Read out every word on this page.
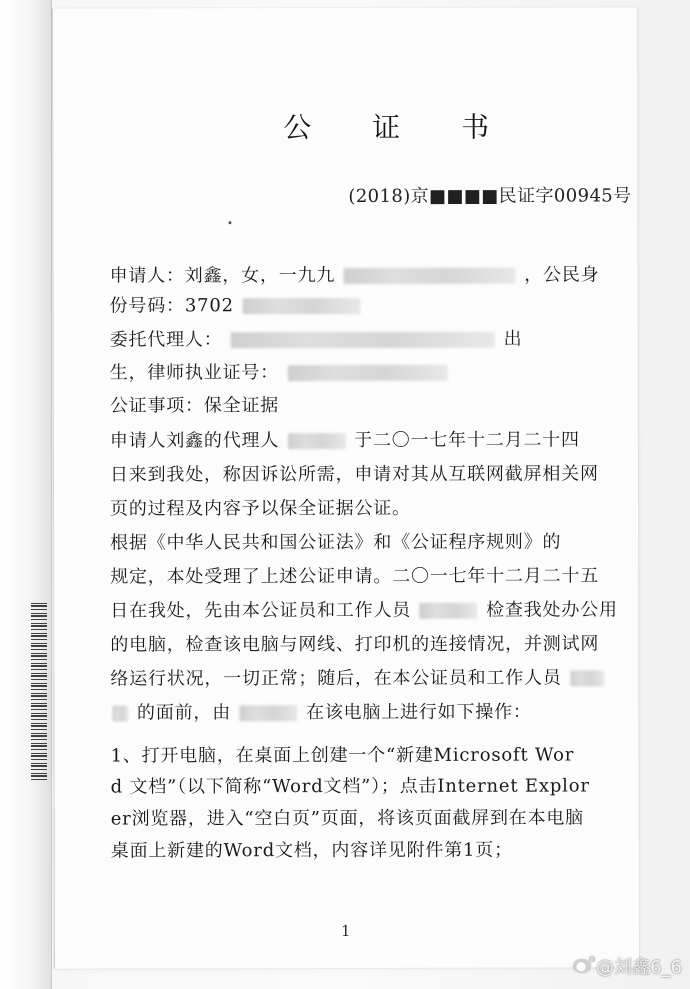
公 证 书
(2018)京■■■■民证字00945号
申请人：刘鑫，女，一九九	，公民身
份号码：3702
委托代理人：	出
生，律师执业证号：
公证事项：保全证据
申请人刘鑫的代理人	于二〇一七年十二月二十四
日来到我处，称因诉讼所需，申请对其从互联网截屏相关网
页的过程及内容予以保全证据公证。
根据《中华人民共和国公证法》和《公证程序规则》的
规定，本处受理了上述公证申请。二〇一七年十二月二十五
日在我处，先由本公证员和工作人员	检查我处办公用
的电脑，检查该电脑与网线、打印机的连接情况，并测试网
络运行状况，一切正常；随后，在本公证员和工作人员
的面前，由	在该电脑上进行如下操作：
1、打开电脑，在桌面上创建一个“新建Microsoft Wor
d 文档”（以下简称“Word文档”）；点击Internet Explor
er浏览器，进入“空白页”页面，将该页面截屏到在本电脑
桌面上新建的Word文档，内容详见附件第1页；
1
@刘鑫6_6
